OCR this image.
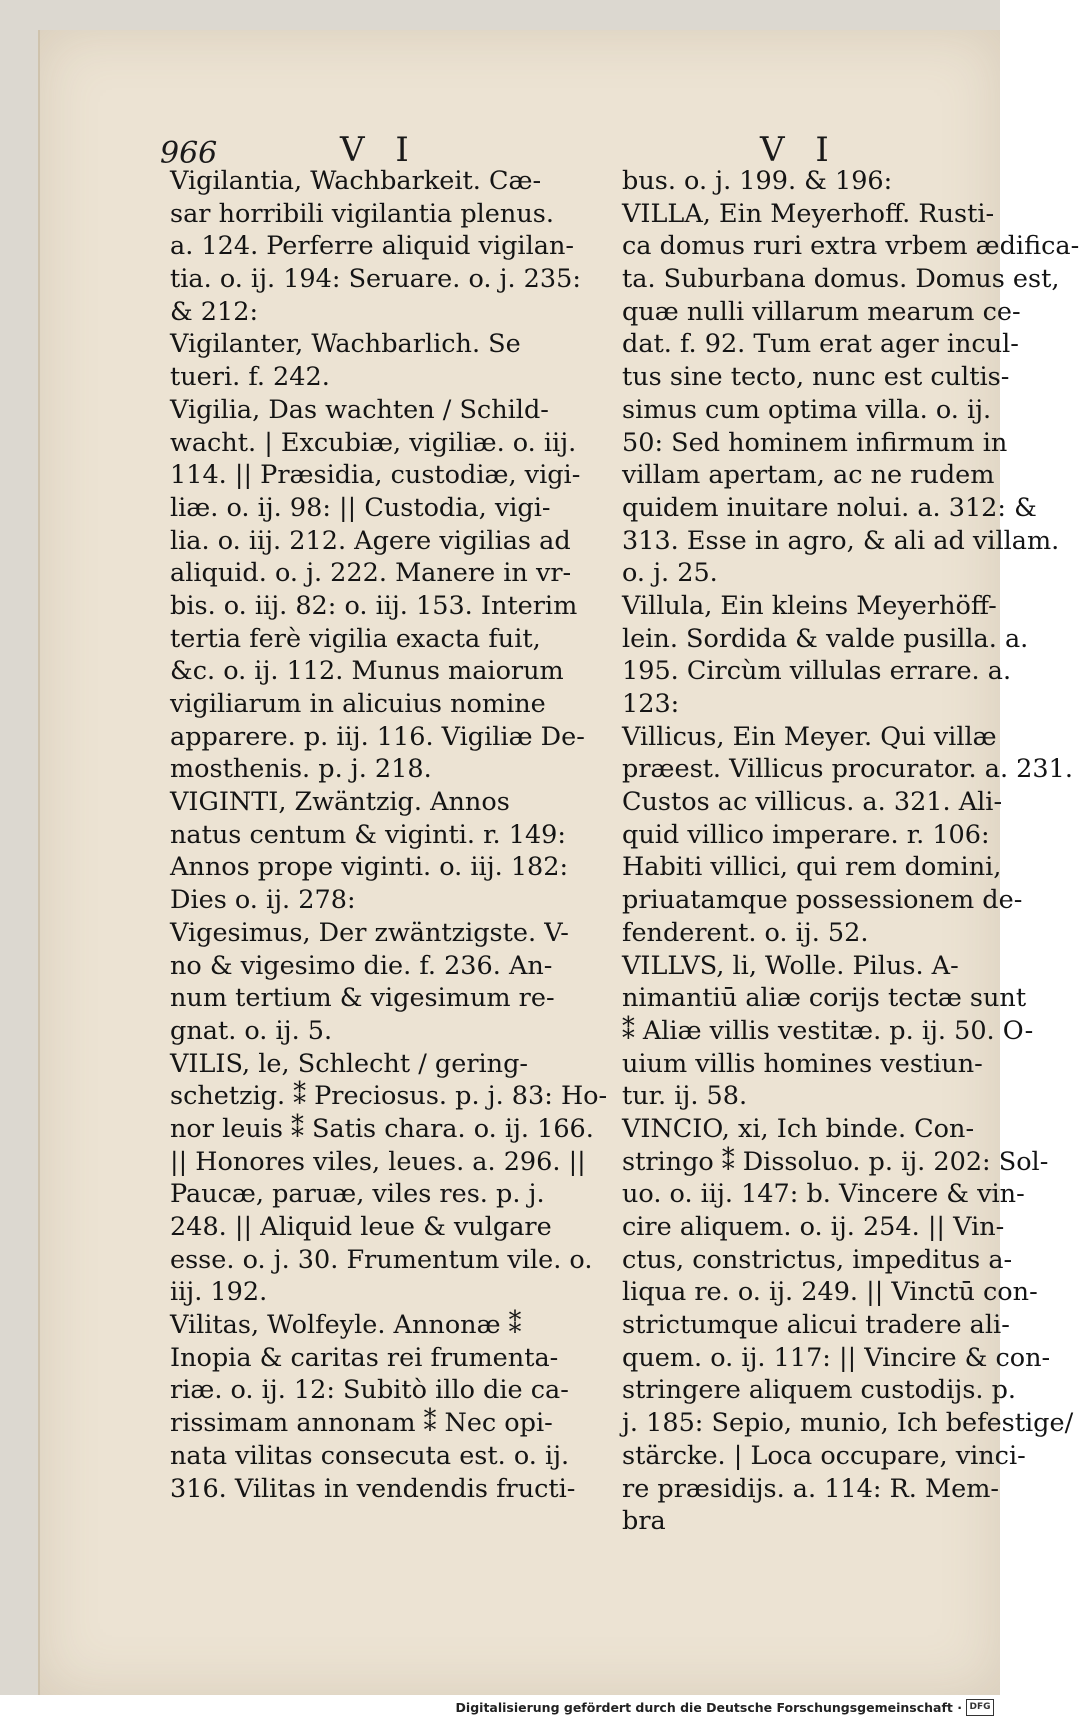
966	V I	V I
Vigilantia, Wachbarkeit. Cæ-
sar horribili vigilantia plenus.
a. 124. Perferre aliquid vigilan-
tia. o. ij. 194: Seruare. o. j. 235:
& 212:
Vigilanter, Wachbarlich. Se
tueri. f. 242.
Vigilia, Das wachten / Schild-
wacht. | Excubiæ, vigiliæ. o. iij.
114. || Præsidia, custodiæ, vigi-
liæ. o. ij. 98: || Custodia, vigi-
lia. o. iij. 212. Agere vigilias ad
aliquid. o. j. 222. Manere in vr-
bis. o. iij. 82: o. iij. 153. Interim
tertia ferè vigilia exacta fuit,
&c. o. ij. 112. Munus maiorum
vigiliarum in alicuius nomine
apparere. p. iij. 116. Vigiliæ De-
mosthenis. p. j. 218.
VIGINTI, Zwäntzig. Annos
natus centum & viginti. r. 149:
Annos prope viginti. o. iij. 182:
Dies o. ij. 278:
Vigesimus, Der zwäntzigste. V-
no & vigesimo die. f. 236. An-
num tertium & vigesimum re-
gnat. o. ij. 5.
VILIS, le, Schlecht / gering-
schetzig. ⁑ Preciosus. p. j. 83: Ho-
nor leuis ⁑ Satis chara. o. ij. 166.
|| Honores viles, leues. a. 296. ||
Paucæ, paruæ, viles res. p. j.
248. || Aliquid leue & vulgare
esse. o. j. 30. Frumentum vile. o.
iij. 192.
Vilitas, Wolfeyle. Annonæ ⁑
Inopia & caritas rei frumenta-
riæ. o. ij. 12: Subitò illo die ca-
rissimam annonam ⁑ Nec opi-
nata vilitas consecuta est. o. ij.
316. Vilitas in vendendis fructi-
bus. o. j. 199. & 196:
VILLA, Ein Meyerhoff. Rusti-
ca domus ruri extra vrbem ædifica-
ta. Suburbana domus. Domus est,
quæ nulli villarum mearum ce-
dat. f. 92. Tum erat ager incul-
tus sine tecto, nunc est cultis-
simus cum optima villa. o. ij.
50: Sed hominem infirmum in
villam apertam, ac ne rudem
quidem inuitare nolui. a. 312: &
313. Esse in agro, & ali ad villam.
o. j. 25.
Villula, Ein kleins Meyerhöff-
lein. Sordida & valde pusilla. a.
195. Circùm villulas errare. a.
123:
Villicus, Ein Meyer. Qui villæ
præest. Villicus procurator. a. 231.
Custos ac villicus. a. 321. Ali-
quid villico imperare. r. 106:
Habiti villici, qui rem domini,
priuatamque possessionem de-
fenderent. o. ij. 52.
VILLVS, li, Wolle. Pilus. A-
nimantiū aliæ corijs tectæ sunt
⁑ Aliæ villis vestitæ. p. ij. 50. O-
uium villis homines vestiun-
tur. ij. 58.
VINCIO, xi, Ich binde. Con-
stringo ⁑ Dissoluo. p. ij. 202: Sol-
uo. o. iij. 147: b. Vincere & vin-
cire aliquem. o. ij. 254. || Vin-
ctus, constrictus, impeditus a-
liqua re. o. ij. 249. || Vinctū con-
strictumque alicui tradere ali-
quem. o. ij. 117: || Vincire & con-
stringere aliquem custodijs. p.
j. 185: Sepio, munio, Ich befestige/
stärcke. | Loca occupare, vinci-
re præsidijs. a. 114: R. Mem-
bra
Digitalisierung gefördert durch die Deutsche Forschungsgemeinschaft · DFG
